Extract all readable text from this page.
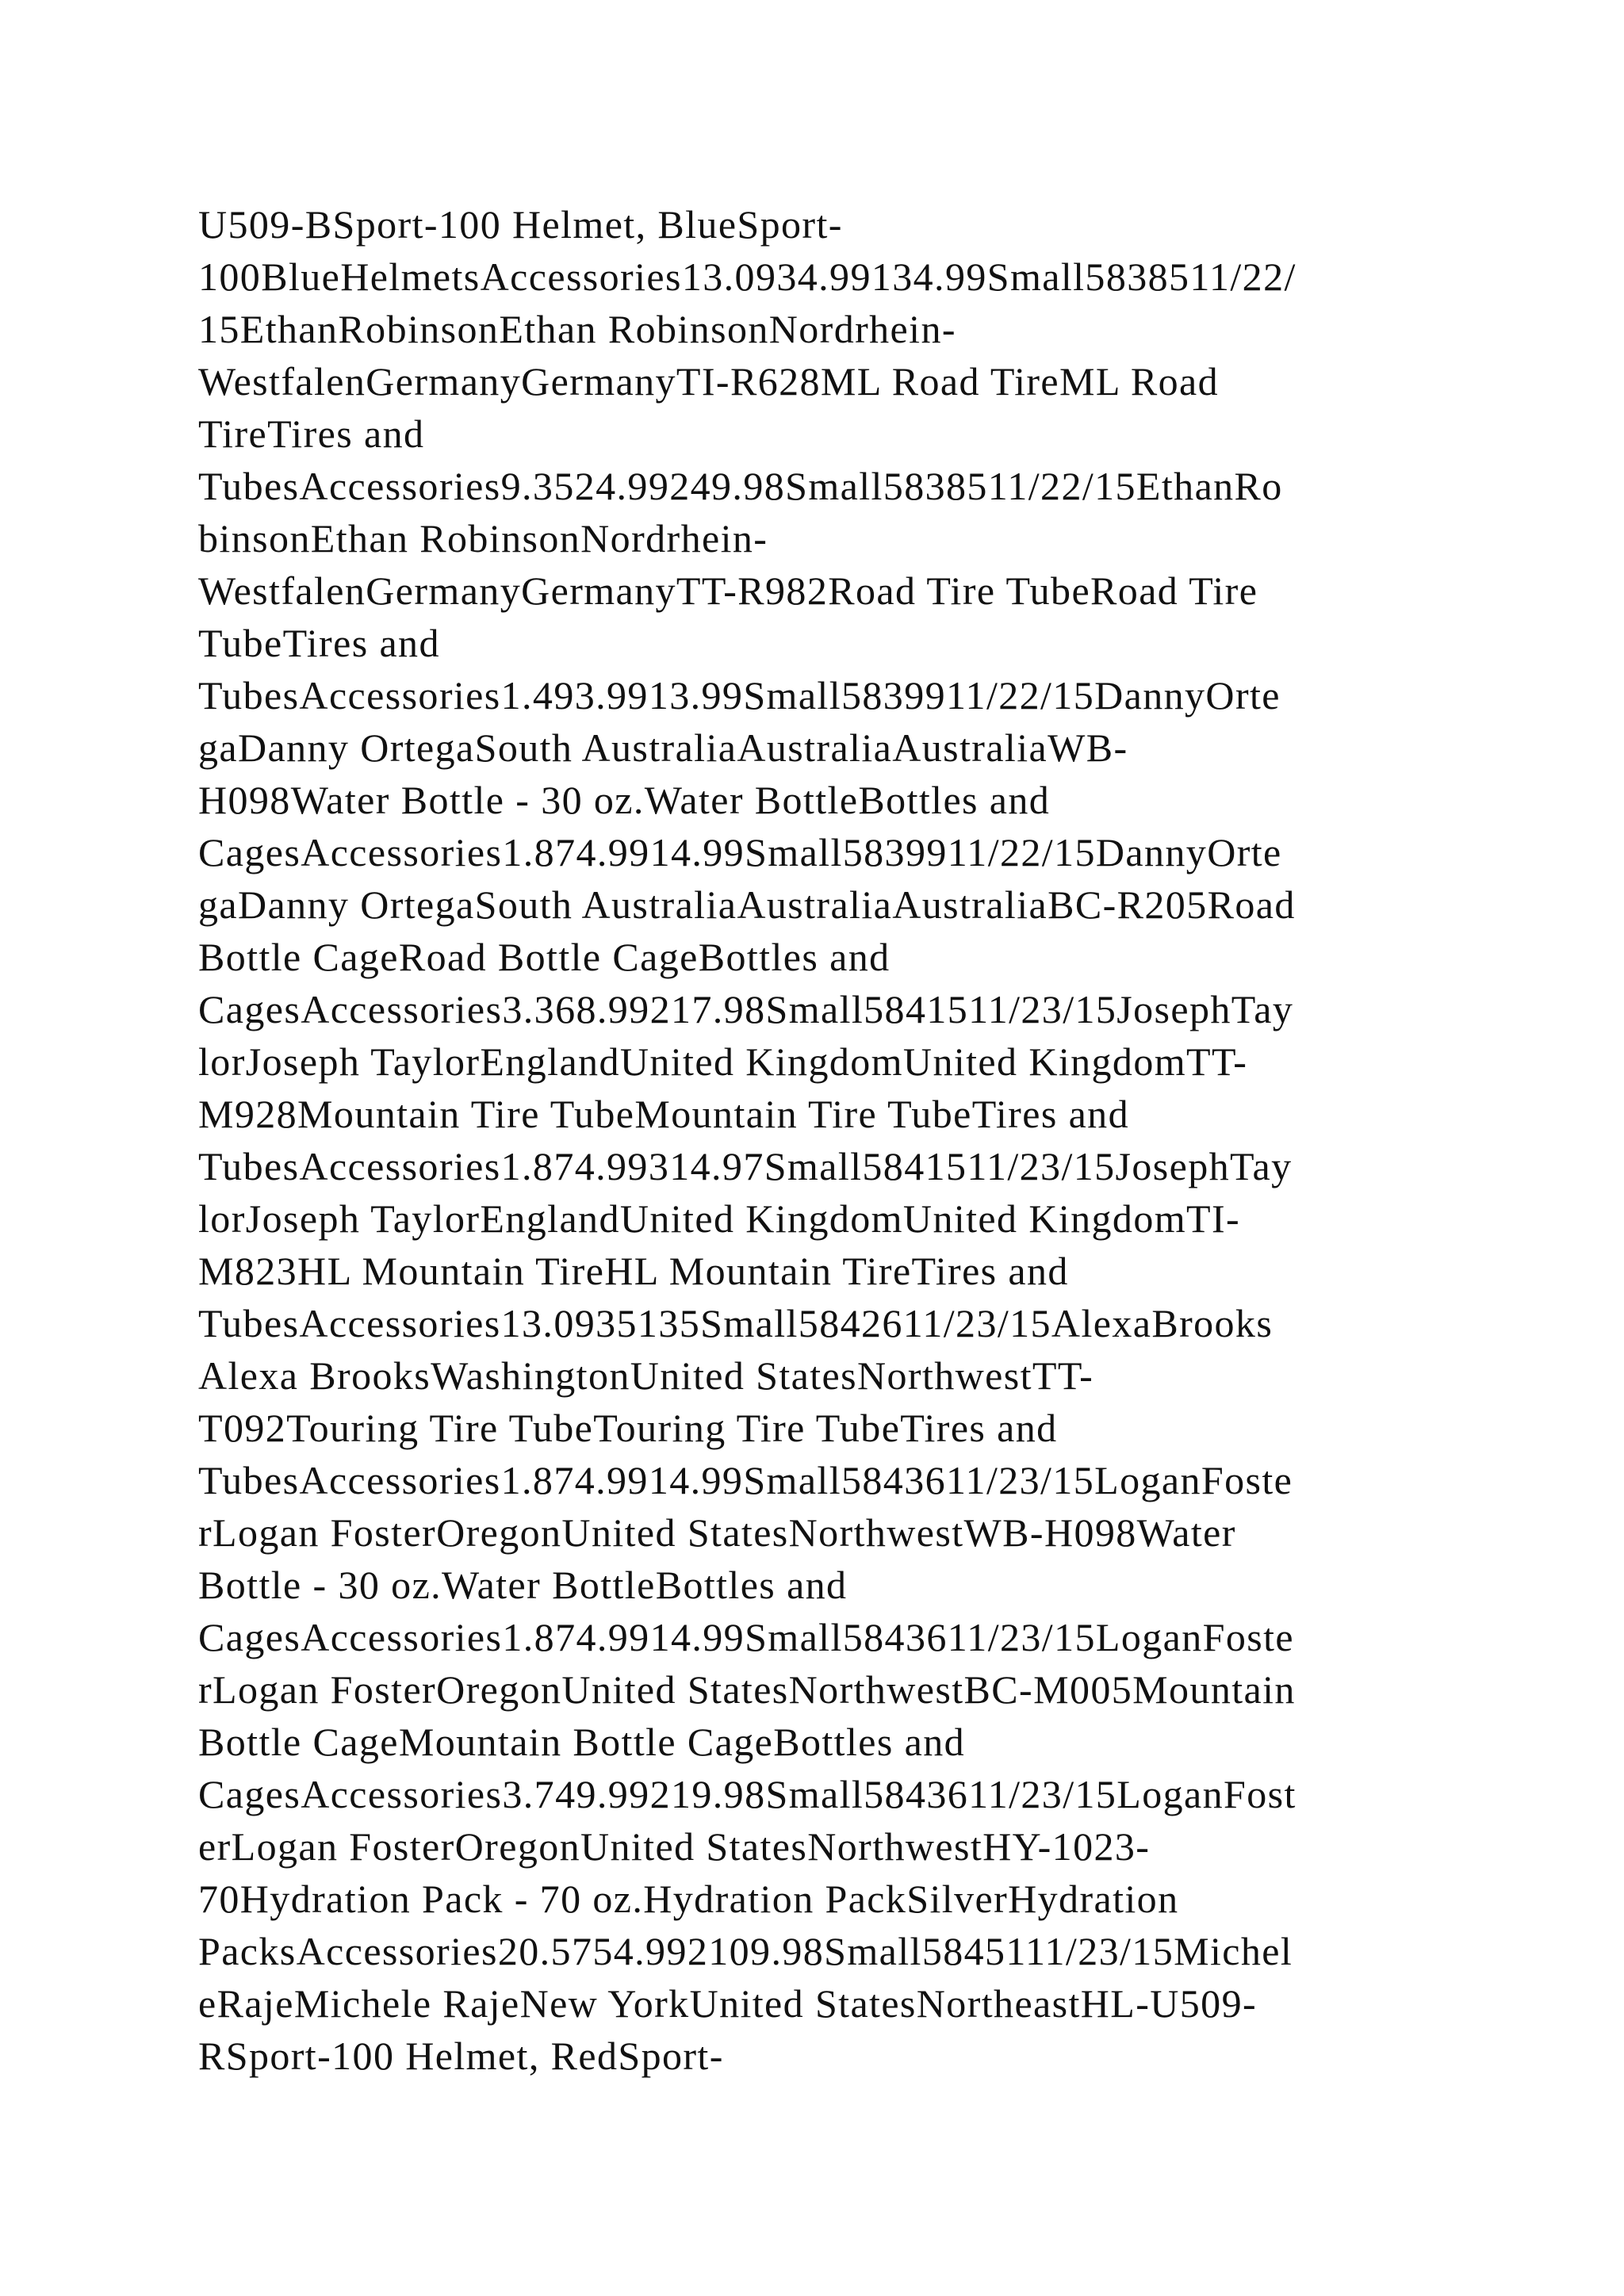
U509-BSport-100 Helmet, BlueSport-
100BlueHelmetsAccessories13.0934.99134.99Small5838511/22/
15EthanRobinsonEthan RobinsonNordrhein-
WestfalenGermanyGermanyTI-R628ML Road TireML Road
TireTires and
TubesAccessories9.3524.99249.98Small5838511/22/15EthanRo
binsonEthan RobinsonNordrhein-
WestfalenGermanyGermanyTT-R982Road Tire TubeRoad Tire
TubeTires and
TubesAccessories1.493.9913.99Small5839911/22/15DannyOrte
gaDanny OrtegaSouth AustraliaAustraliaAustraliaWB-
H098Water Bottle - 30 oz.Water BottleBottles and
CagesAccessories1.874.9914.99Small5839911/22/15DannyOrte
gaDanny OrtegaSouth AustraliaAustraliaAustraliaBC-R205Road
Bottle CageRoad Bottle CageBottles and
CagesAccessories3.368.99217.98Small5841511/23/15JosephTay
lorJoseph TaylorEnglandUnited KingdomUnited KingdomTT-
M928Mountain Tire TubeMountain Tire TubeTires and
TubesAccessories1.874.99314.97Small5841511/23/15JosephTay
lorJoseph TaylorEnglandUnited KingdomUnited KingdomTI-
M823HL Mountain TireHL Mountain TireTires and
TubesAccessories13.0935135Small5842611/23/15AlexaBrooks
Alexa BrooksWashingtonUnited StatesNorthwestTT-
T092Touring Tire TubeTouring Tire TubeTires and
TubesAccessories1.874.9914.99Small5843611/23/15LoganFoste
rLogan FosterOregonUnited StatesNorthwestWB-H098Water
Bottle - 30 oz.Water BottleBottles and
CagesAccessories1.874.9914.99Small5843611/23/15LoganFoste
rLogan FosterOregonUnited StatesNorthwestBC-M005Mountain
Bottle CageMountain Bottle CageBottles and
CagesAccessories3.749.99219.98Small5843611/23/15LoganFost
erLogan FosterOregonUnited StatesNorthwestHY-1023-
70Hydration Pack - 70 oz.Hydration PackSilverHydration
PacksAccessories20.5754.992109.98Small5845111/23/15Michel
eRajeMichele RajeNew YorkUnited StatesNortheastHL-U509-
RSport-100 Helmet, RedSport-
